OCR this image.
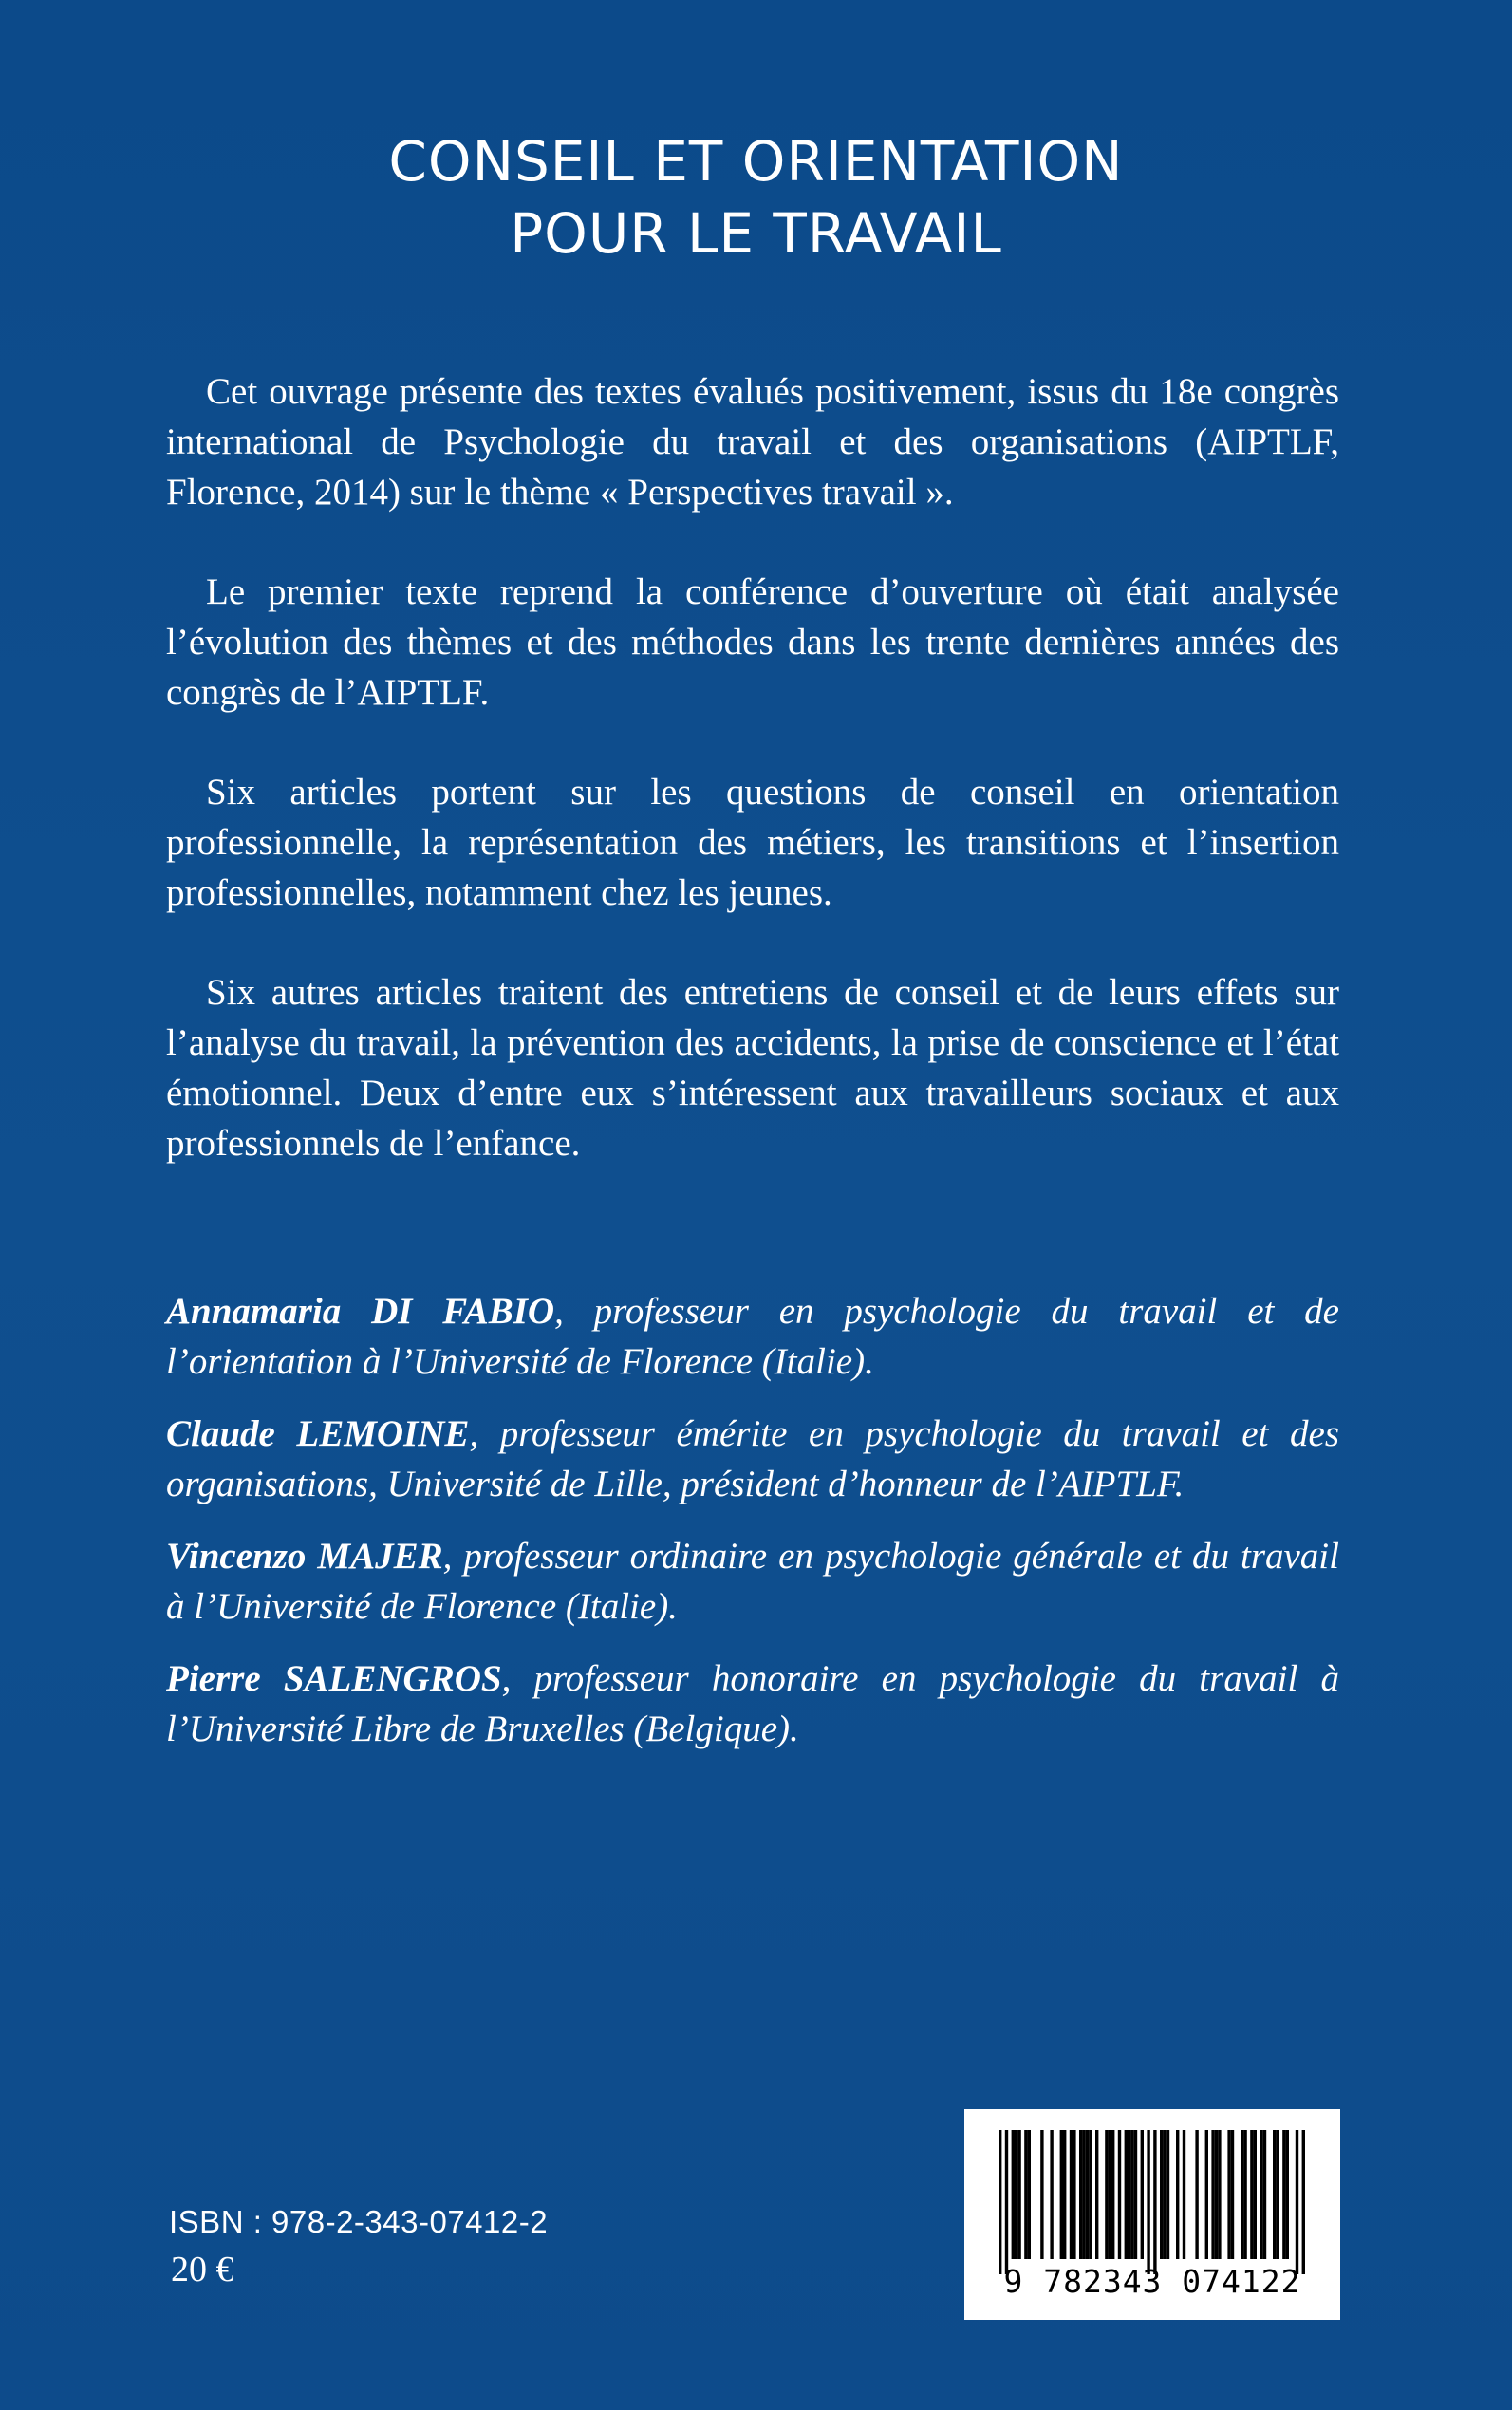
CONSEIL ET ORIENTATION
POUR LE TRAVAIL

Cet ouvrage présente des textes évalués positivement, issus du 18e congrès international de Psychologie du travail et des organisations (AIPTLF, Florence, 2014) sur le thème « Perspectives travail ».

Le premier texte reprend la conférence d’ouverture où était analysée l’évolution des thèmes et des méthodes dans les trente dernières années des congrès de l’AIPTLF.

Six articles portent sur les questions de conseil en orientation professionnelle, la représentation des métiers, les transitions et l’insertion professionnelles, notamment chez les jeunes.

Six autres articles traitent des entretiens de conseil et de leurs effets sur l’analyse du travail, la prévention des accidents, la prise de conscience et l’état émotionnel. Deux d’entre eux s’intéressent aux travailleurs sociaux et aux professionnels de l’enfance.

Annamaria DI FABIO, professeur en psychologie du travail et de l’orientation à l’Université de Florence (Italie).

Claude LEMOINE, professeur émérite en psychologie du travail et des organisations, Université de Lille, président d’honneur de l’AIPTLF.

Vincenzo MAJER, professeur ordinaire en psychologie générale et du travail à l’Université de Florence (Italie).

Pierre SALENGROS, professeur honoraire en psychologie du travail à l’Université Libre de Bruxelles (Belgique).

ISBN : 978-2-343-07412-2
20 €	9 782343 074122
